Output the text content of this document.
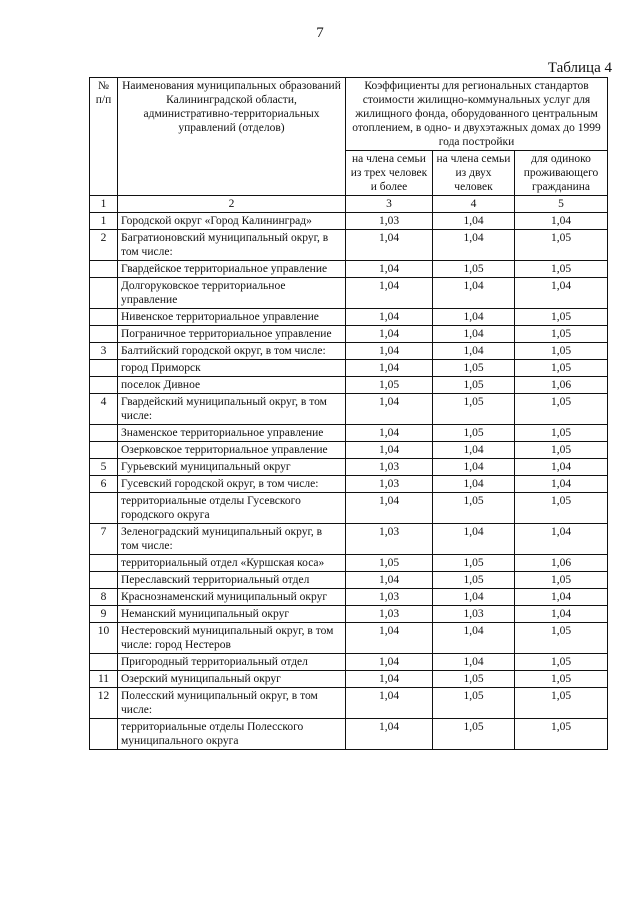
7
Таблица 4
№ п/п	Наименования муниципальных образований Калининградской области, административно-территориальных управлений (отделов)	Коэффициенты для региональных стандартов стоимости жилищно-коммунальных услуг для жилищного фонда, оборудованного центральным отоплением, в одно- и двухэтажных домах до 1999 года постройки		
		на члена семьи из трех человек и более	на члена семьи из двух человек	для одиноко проживающего гражданина
1	2	3	4	5
1	Городской округ «Город Калининград»	1,03	1,04	1,04
2	Багратионовский муниципальный округ, в том числе:	1,04	1,04	1,05
	Гвардейское территориальное управление	1,04	1,05	1,05
	Долгоруковское территориальное управление	1,04	1,04	1,04
	Нивенское территориальное управление	1,04	1,04	1,05
	Пограничное территориальное управление	1,04	1,04	1,05
3	Балтийский городской округ, в том числе:	1,04	1,04	1,05
	город Приморск	1,04	1,05	1,05
	поселок Дивное	1,05	1,05	1,06
4	Гвардейский муниципальный округ, в том числе:	1,04	1,05	1,05
	Знаменское территориальное управление	1,04	1,05	1,05
	Озерковское территориальное управление	1,04	1,04	1,05
5	Гурьевский муниципальный округ	1,03	1,04	1,04
6	Гусевский городской округ, в том числе:	1,03	1,04	1,04
	территориальные отделы Гусевского городского округа	1,04	1,05	1,05
7	Зеленоградский муниципальный округ, в том числе:	1,03	1,04	1,04
	территориальный отдел «Куршская коса»	1,05	1,05	1,06
	Переславский территориальный отдел	1,04	1,05	1,05
8	Краснознаменский муниципальный округ	1,03	1,04	1,04
9	Неманский муниципальный округ	1,03	1,03	1,04
10	Нестеровский муниципальный округ, в том числе: город Нестеров	1,04	1,04	1,05
	Пригородный территориальный отдел	1,04	1,04	1,05
11	Озерский муниципальный округ	1,04	1,05	1,05
12	Полесский муниципальный округ, в том числе:	1,04	1,05	1,05
	территориальные отделы Полесского муниципального округа	1,04	1,05	1,05
